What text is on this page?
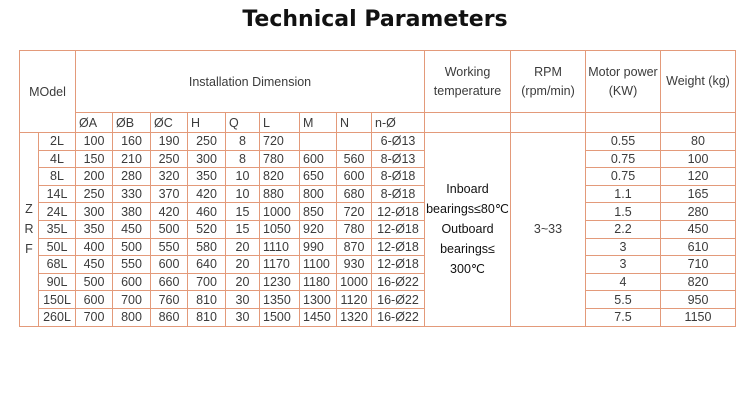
Technical Parameters
MOdel		Installation Dimension									Working temperature	RPM (rpm/min)	Motor power (KW)	Weight (kg)
		ØA	ØB	ØC	H	Q	L	M	N	n-Ø				

Z
R
F	2L	100	160	190	250	8	720			6-Ø13	Inboard bearings≤80℃ Outboard bearings≤ 300℃	3~33	0.55	80
	4L	150	210	250	300	8	780	600	560	8-Ø13			0.75	100
	8L	200	280	320	350	10	820	650	600	8-Ø18			0.75	120
	14L	250	330	370	420	10	880	800	680	8-Ø18			1.1	165
	24L	300	380	420	460	15	1000	850	720	12-Ø18			1.5	280
	35L	350	450	500	520	15	1050	920	780	12-Ø18			2.2	450
	50L	400	500	550	580	20	1110	990	870	12-Ø18			3	610
	68L	450	550	600	640	20	1170	1100	930	12-Ø18			3	710
	90L	500	600	660	700	20	1230	1180	1000	16-Ø22			4	820
	150L	600	700	760	810	30	1350	1300	1120	16-Ø22			5.5	950
	260L	700	800	860	810	30	1500	1450	1320	16-Ø22			7.5	1150
